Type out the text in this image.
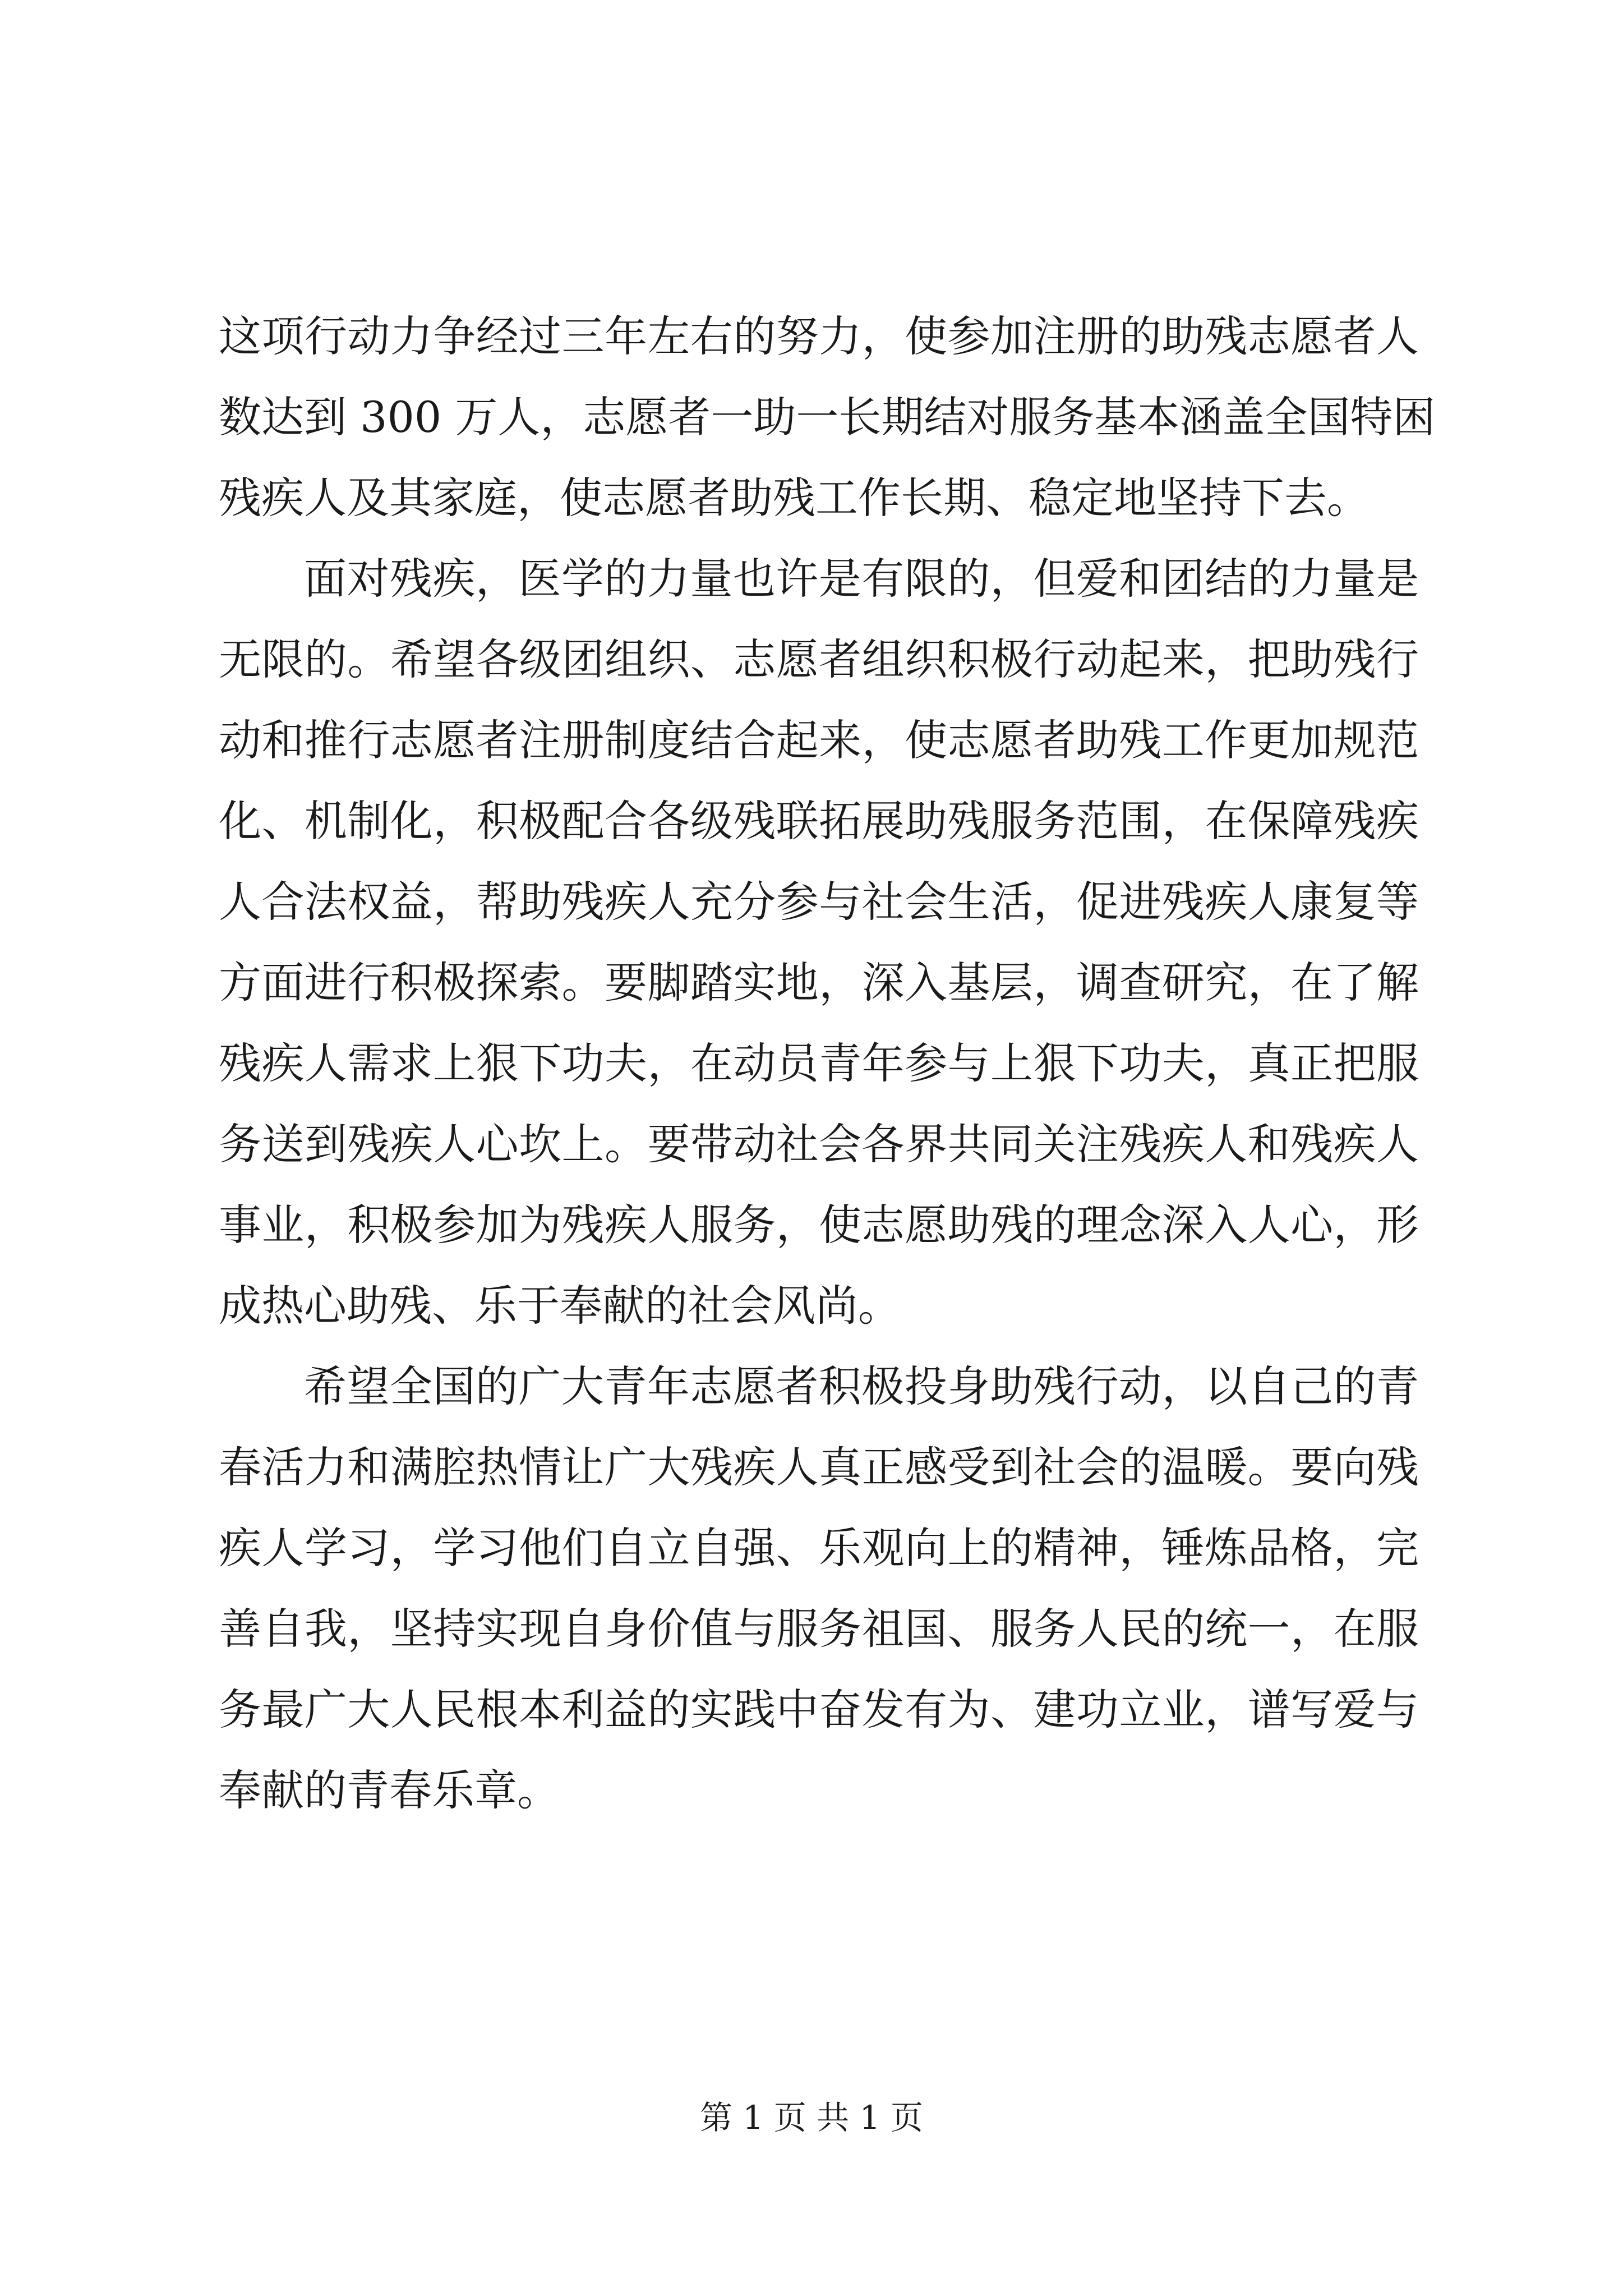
这项行动力争经过三年左右的努力，使参加注册的助残志愿者人
数达到 300 万人，志愿者一助一长期结对服务基本涵盖全国特困
残疾人及其家庭，使志愿者助残工作长期、稳定地坚持下去。
面对残疾，医学的力量也许是有限的，但爱和团结的力量是
无限的。希望各级团组织、志愿者组织积极行动起来，把助残行
动和推行志愿者注册制度结合起来，使志愿者助残工作更加规范
化、机制化，积极配合各级残联拓展助残服务范围，在保障残疾
人合法权益，帮助残疾人充分参与社会生活，促进残疾人康复等
方面进行积极探索。要脚踏实地，深入基层，调查研究，在了解
残疾人需求上狠下功夫，在动员青年参与上狠下功夫，真正把服
务送到残疾人心坎上。要带动社会各界共同关注残疾人和残疾人
事业，积极参加为残疾人服务，使志愿助残的理念深入人心，形
成热心助残、乐于奉献的社会风尚。
希望全国的广大青年志愿者积极投身助残行动，以自己的青
春活力和满腔热情让广大残疾人真正感受到社会的温暖。要向残
疾人学习，学习他们自立自强、乐观向上的精神，锤炼品格，完
善自我，坚持实现自身价值与服务祖国、服务人民的统一，在服
务最广大人民根本利益的实践中奋发有为、建功立业，谱写爱与
奉献的青春乐章。
第 1 页 共 1 页
